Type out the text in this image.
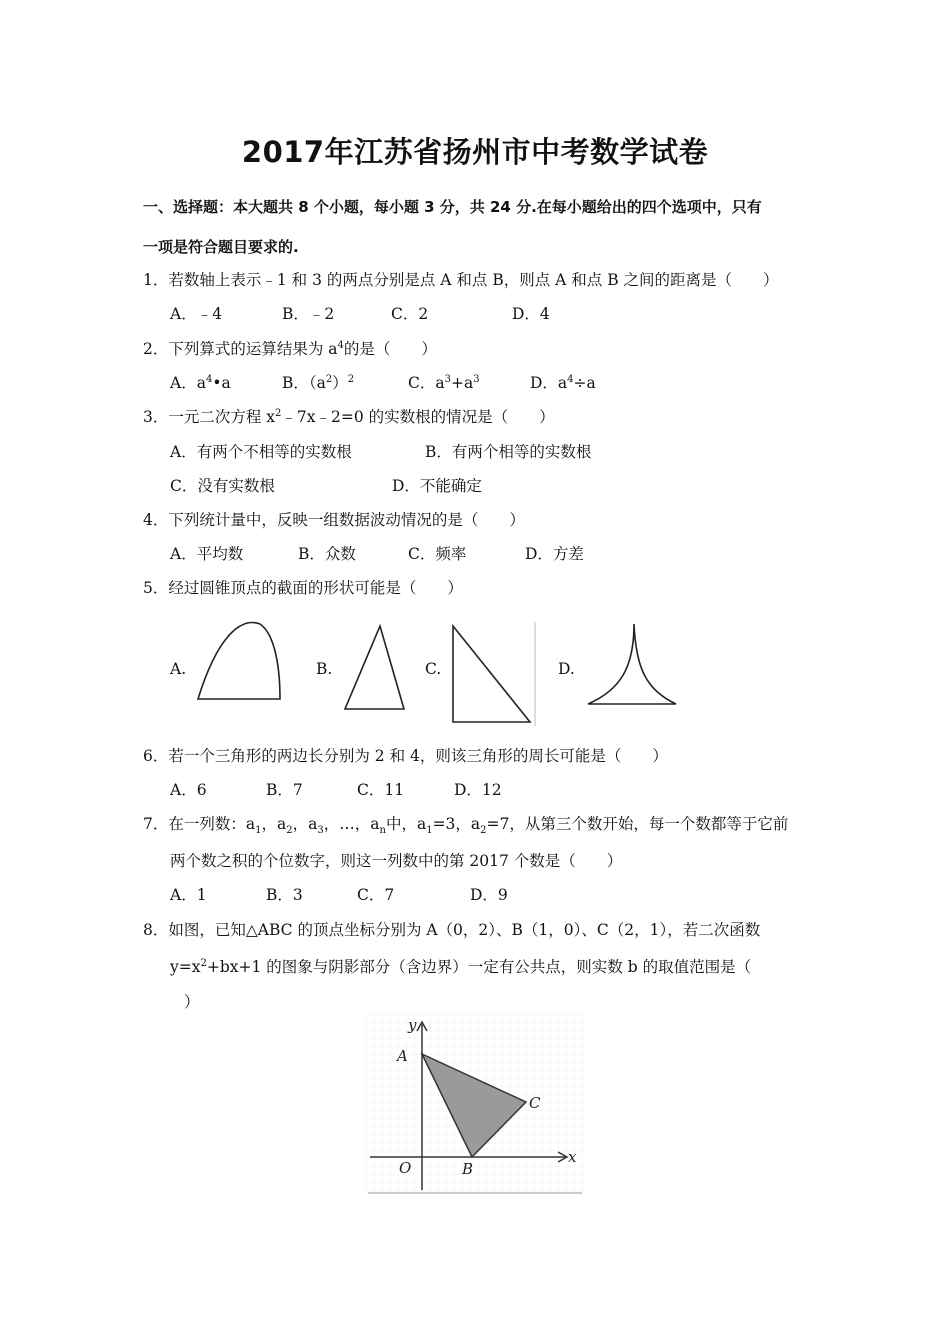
2017年江苏省扬州市中考数学试卷
一、选择题：本大题共 8 个小题，每小题 3 分，共 24 分.在每小题给出的四个选项中，只有
一项是符合题目要求的.
1．若数轴上表示﹣1 和 3 的两点分别是点 A 和点 B，则点 A 和点 B 之间的距离是（　　）
A．﹣4	B．﹣2	C．2	D．4
2．下列算式的运算结果为 $a^4$的是（　　）
A．$a^4•a$	B．$(a^2)^2$	C．$a^3+a^3$	D．$a^4\div a$
3．一元二次方程 $x^2﹣7x﹣2=0$ 的实数根的情况是（　　）
A．有两个不相等的实数根	B．有两个相等的实数根
C．没有实数根	D．不能确定
4．下列统计量中，反映一组数据波动情况的是（　　）
A．平均数	B．众数	C．频率	D．方差
5．经过圆锥顶点的截面的形状可能是（　　）
A.	B.	C.	D.
6．若一个三角形的两边长分别为 2 和 4，则该三角形的周长可能是（　　）
A．6	B．7	C．11	D．12
7．在一列数：$a_1$，$a_2$，$a_3$，…，$a_n$中，$a_1=3$，$a_2=7$，从第三个数开始，每一个数都等于它前
两个数之积的个位数字，则这一列数中的第 2017 个数是（　　）
A．1	B．3	C．7	D．9
8．如图，已知△ABC 的顶点坐标分别为 A（0，2）、B（1，0）、C（2，1），若二次函数
$y=x^2+bx+1$ 的图象与阴影部分（含边界）一定有公共点，则实数 b 的取值范围是（
）
y
x
A
B
C
O
